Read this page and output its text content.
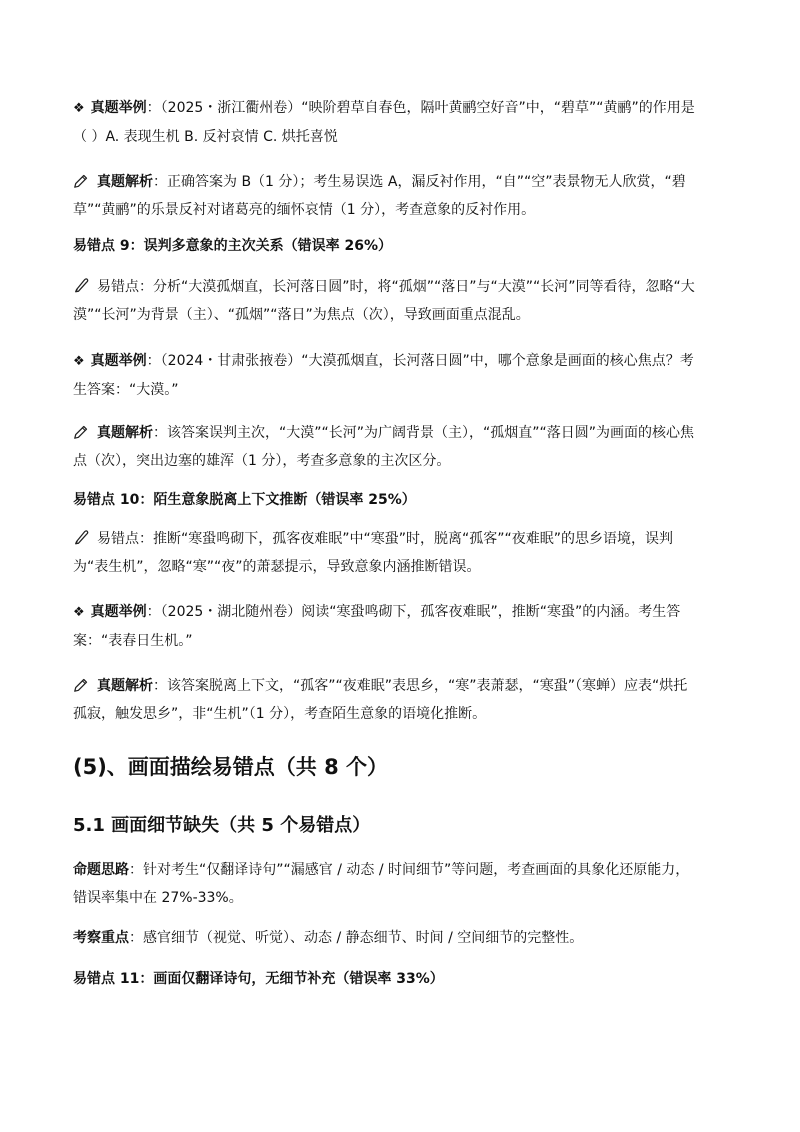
❖ 真题举例：（2025・浙江衢州卷）“映阶碧草自春色，隔叶黄鹂空好音”中，“碧草”“黄鹂”的作用是
（ ）A. 表现生机 B. 反衬哀情 C. 烘托喜悦
真题解析：正确答案为 B（1 分）；考生易误选 A，漏反衬作用，“自”“空”表景物无人欣赏，“碧
草”“黄鹂”的乐景反衬对诸葛亮的缅怀哀情（1 分），考查意象的反衬作用。
易错点 9：误判多意象的主次关系（错误率 26%）
易错点：分析“大漠孤烟直，长河落日圆”时，将“孤烟”“落日”与“大漠”“长河”同等看待，忽略“大
漠”“长河”为背景（主）、“孤烟”“落日”为焦点（次），导致画面重点混乱。
❖ 真题举例：（2024・甘肃张掖卷）“大漠孤烟直，长河落日圆”中，哪个意象是画面的核心焦点？考
生答案：“大漠。”
真题解析：该答案误判主次，“大漠”“长河”为广阔背景（主），“孤烟直”“落日圆”为画面的核心焦
点（次），突出边塞的雄浑（1 分），考查多意象的主次区分。
易错点 10：陌生意象脱离上下文推断（错误率 25%）
易错点：推断“寒蛩鸣砌下，孤客夜难眠”中“寒蛩”时，脱离“孤客”“夜难眠”的思乡语境，误判
为“表生机”，忽略“寒”“夜”的萧瑟提示，导致意象内涵推断错误。
❖ 真题举例：（2025・湖北随州卷）阅读“寒蛩鸣砌下，孤客夜难眠”，推断“寒蛩”的内涵。考生答
案：“表春日生机。”
真题解析：该答案脱离上下文，“孤客”“夜难眠”表思乡，“寒”表萧瑟，“寒蛩”（寒蝉）应表“烘托
孤寂，触发思乡”，非“生机”（1 分），考查陌生意象的语境化推断。
(5)、画面描绘易错点（共 8 个）
5.1 画面细节缺失（共 5 个易错点）
命题思路：针对考生“仅翻译诗句”“漏感官 / 动态 / 时间细节”等问题，考查画面的具象化还原能力，
错误率集中在 27%-33%。
考察重点：感官细节（视觉、听觉）、动态 / 静态细节、时间 / 空间细节的完整性。
易错点 11：画面仅翻译诗句，无细节补充（错误率 33%）
